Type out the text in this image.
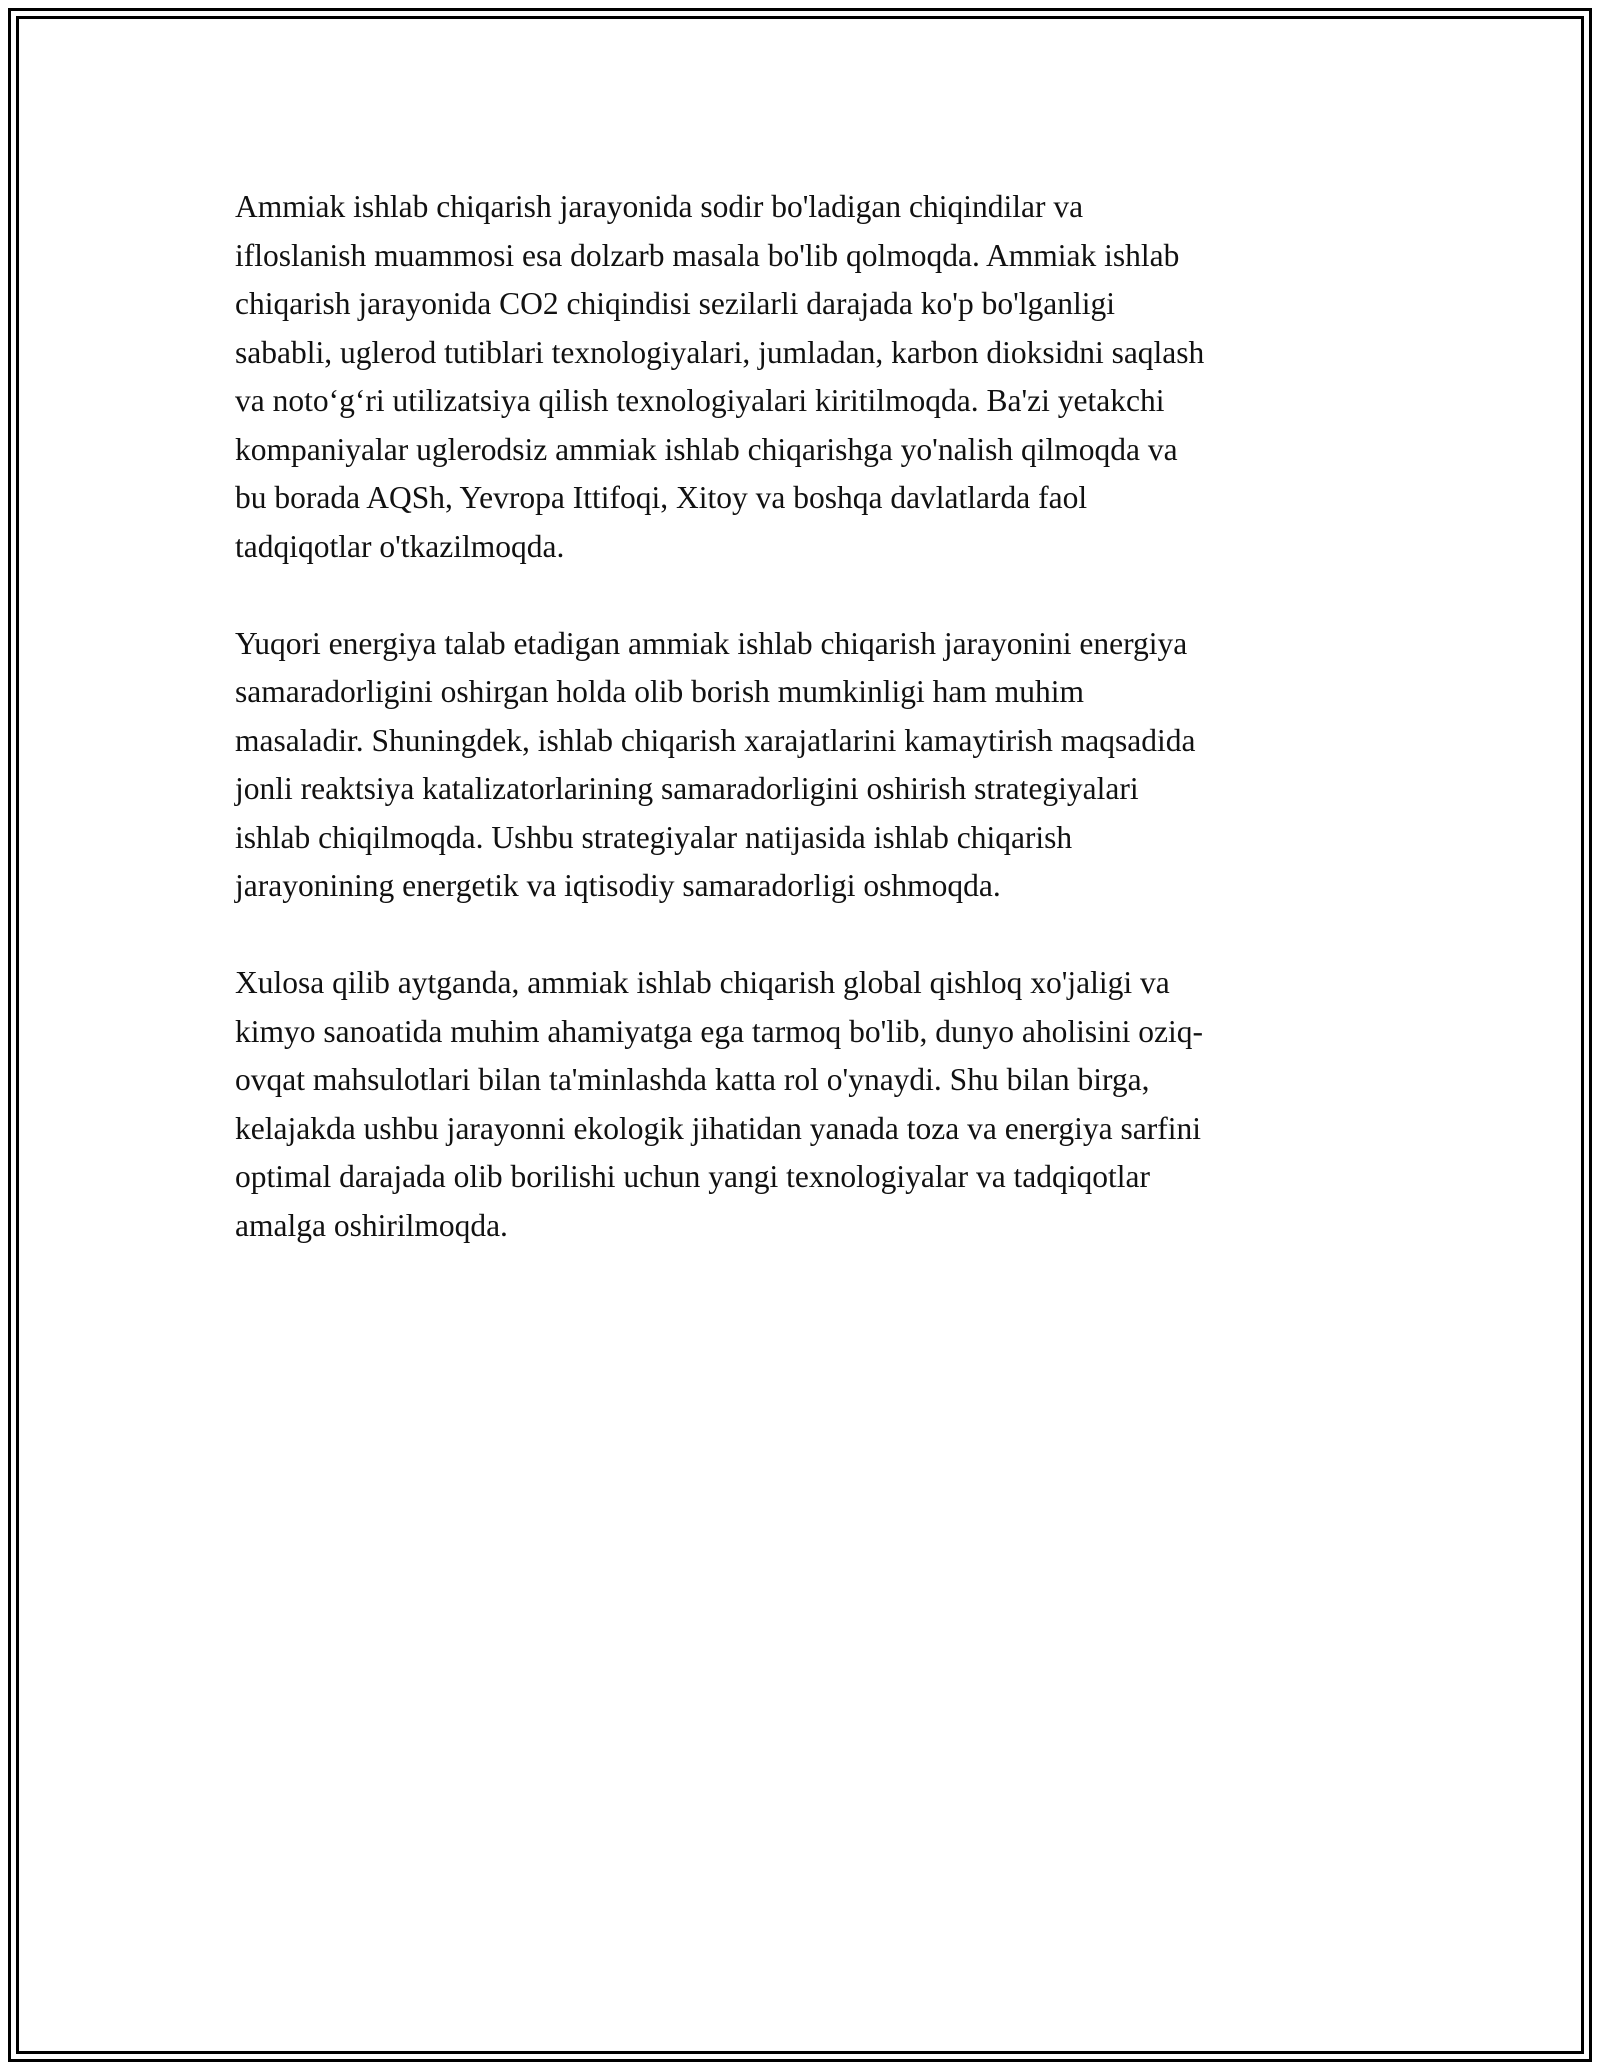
Ammiak ishlab chiqarish jarayonida sodir bo'ladigan chiqindilar va
ifloslanish muammosi esa dolzarb masala bo'lib qolmoqda. Ammiak ishlab
chiqarish jarayonida CO2 chiqindisi sezilarli darajada ko'p bo'lganligi
sababli, uglerod tutiblari texnologiyalari, jumladan, karbon dioksidni saqlash
va noto‘g‘ri utilizatsiya qilish texnologiyalari kiritilmoqda. Ba'zi yetakchi
kompaniyalar uglerodsiz ammiak ishlab chiqarishga yo'nalish qilmoqda va
bu borada AQSh, Yevropa Ittifoqi, Xitoy va boshqa davlatlarda faol
tadqiqotlar o'tkazilmoqda.

Yuqori energiya talab etadigan ammiak ishlab chiqarish jarayonini energiya
samaradorligini oshirgan holda olib borish mumkinligi ham muhim
masaladir. Shuningdek, ishlab chiqarish xarajatlarini kamaytirish maqsadida
jonli reaktsiya katalizatorlarining samaradorligini oshirish strategiyalari
ishlab chiqilmoqda. Ushbu strategiyalar natijasida ishlab chiqarish
jarayonining energetik va iqtisodiy samaradorligi oshmoqda.

Xulosa qilib aytganda, ammiak ishlab chiqarish global qishloq xo'jaligi va
kimyo sanoatida muhim ahamiyatga ega tarmoq bo'lib, dunyo aholisini oziq-
ovqat mahsulotlari bilan ta'minlashda katta rol o'ynaydi. Shu bilan birga,
kelajakda ushbu jarayonni ekologik jihatidan yanada toza va energiya sarfini
optimal darajada olib borilishi uchun yangi texnologiyalar va tadqiqotlar
amalga oshirilmoqda.
